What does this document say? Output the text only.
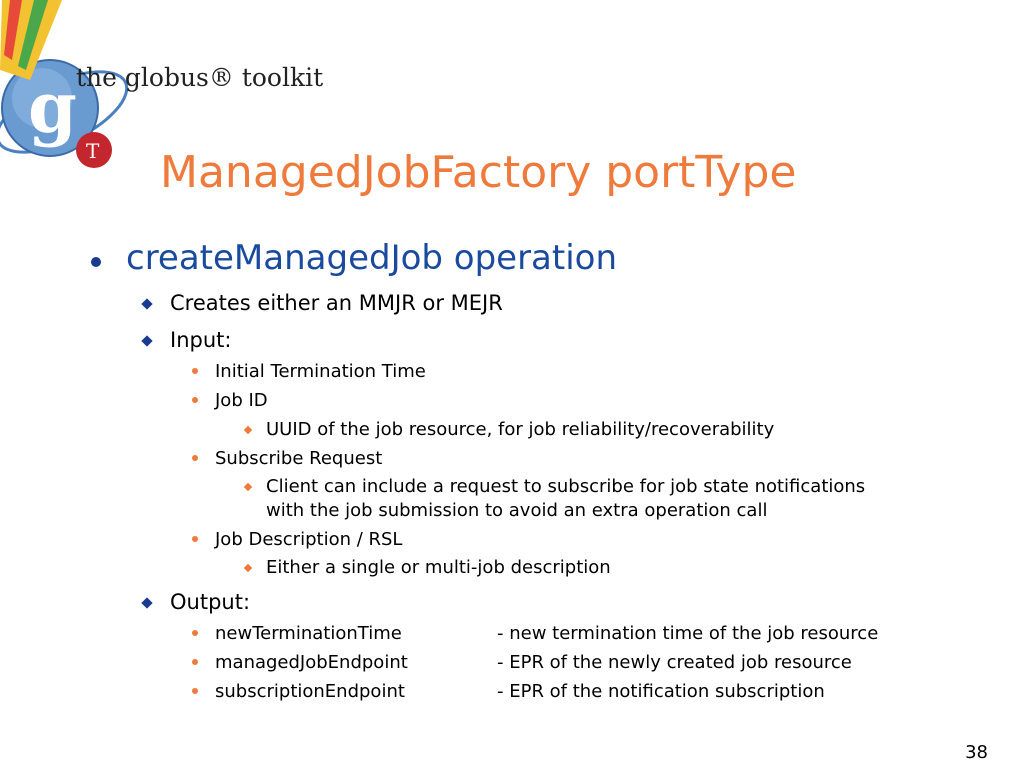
g
T
the globus® toolkit
ManagedJobFactory portType
createManagedJob operation
Creates either an MMJR or MEJR
Input:
Initial Termination Time
Job ID
UUID of the job resource, for job reliability/recoverability
Subscribe Request
Client can include a request to subscribe for job state notifications
with the job submission to avoid an extra operation call
Job Description / RSL
Either a single or multi-job description
Output:
newTerminationTime	- new termination time of the job resource
managedJobEndpoint	- EPR of the newly created job resource
subscriptionEndpoint	- EPR of the notification subscription
38
